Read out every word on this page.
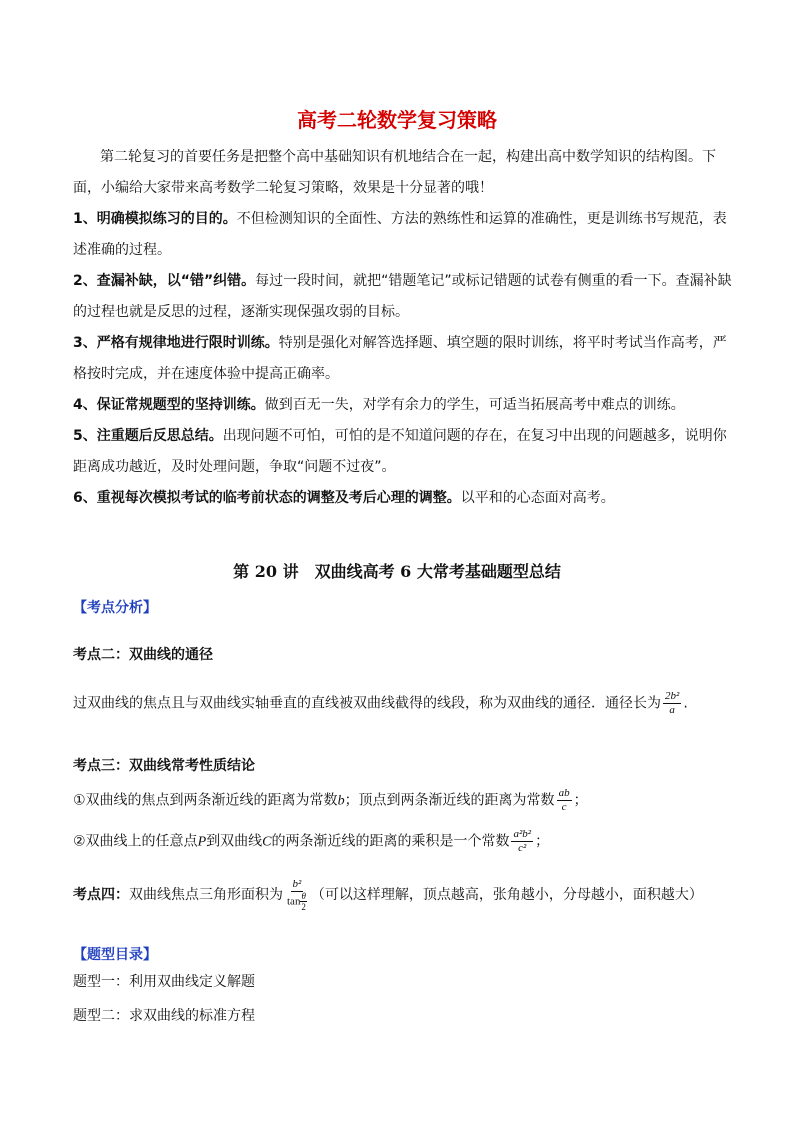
高考二轮数学复习策略
第二轮复习的首要任务是把整个高中基础知识有机地结合在一起，构建出高中数学知识的结构图。下
面，小编给大家带来高考数学二轮复习策略，效果是十分显著的哦！
1、明确模拟练习的目的。不但检测知识的全面性、方法的熟练性和运算的准确性，更是训练书写规范，表
述准确的过程。
2、查漏补缺，以“错”纠错。每过一段时间，就把“错题笔记”或标记错题的试卷有侧重的看一下。查漏补缺
的过程也就是反思的过程，逐渐实现保强攻弱的目标。
3、严格有规律地进行限时训练。特别是强化对解答选择题、填空题的限时训练，将平时考试当作高考，严
格按时完成，并在速度体验中提高正确率。
4、保证常规题型的坚持训练。做到百无一失，对学有余力的学生，可适当拓展高考中难点的训练。
5、注重题后反思总结。出现问题不可怕，可怕的是不知道问题的存在，在复习中出现的问题越多，说明你
距离成功越近，及时处理问题，争取“问题不过夜”。
6、重视每次模拟考试的临考前状态的调整及考后心理的调整。以平和的心态面对高考。
第 20 讲　双曲线高考 6 大常考基础题型总结
【考点分析】
考点二：双曲线的通径
过双曲线的焦点且与双曲线实轴垂直的直线被双曲线截得的线段，称为双曲线的通径．通径长为 $\frac{\text{2b²}}{a}$ .
考点三：双曲线常考性质结论
①双曲线的焦点到两条渐近线的距离为常数b；顶点到两条渐近线的距离为常数 $\frac{ab}{c}$ ；
②双曲线上的任意点P到双曲线C的两条渐近线的距离的乘积是一个常数 $\frac{\text{a²b²}}{\text{c²}}$ ；
考点四：双曲线焦点三角形面积为 $\frac{\text{b²}}{\tan \frac{\theta}{2}}$ （可以这样理解，顶点越高，张角越小，分母越小，面积越大）
【题型目录】
题型一：利用双曲线定义解题
题型二：求双曲线的标准方程
